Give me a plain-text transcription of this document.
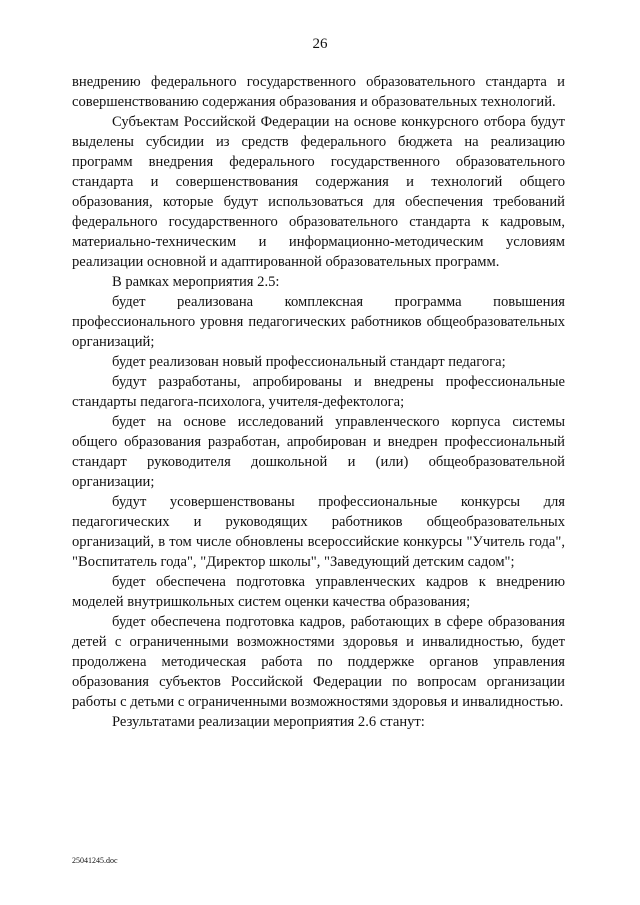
26

внедрению федерального государственного образовательного стандарта и совершенствованию содержания образования и образовательных технологий.

Субъектам Российской Федерации на основе конкурсного отбора будут выделены субсидии из средств федерального бюджета на реализацию программ внедрения федерального государственного образовательного стандарта и совершенствования содержания и технологий общего образования, которые будут использоваться для обеспечения требований федерального государственного образовательного стандарта к кадровым, материально-техническим и информационно-методическим условиям реализации основной и адаптированной образовательных программ.

В рамках мероприятия 2.5:

будет реализована комплексная программа повышения профессионального уровня педагогических работников общеобразовательных организаций;

будет реализован новый профессиональный стандарт педагога;

будут разработаны, апробированы и внедрены профессиональные стандарты педагога-психолога, учителя-дефектолога;

будет на основе исследований управленческого корпуса системы общего образования разработан, апробирован и внедрен профессиональный стандарт руководителя дошкольной и (или) общеобразовательной организации;

будут усовершенствованы профессиональные конкурсы для педагогических и руководящих работников общеобразовательных организаций, в том числе обновлены всероссийские конкурсы "Учитель года", "Воспитатель года", "Директор школы", "Заведующий детским садом";

будет обеспечена подготовка управленческих кадров к внедрению моделей внутришкольных систем оценки качества образования;

будет обеспечена подготовка кадров, работающих в сфере образования детей с ограниченными возможностями здоровья и инвалидностью, будет продолжена методическая работа по поддержке органов управления образования субъектов Российской Федерации по вопросам организации работы с детьми с ограниченными возможностями здоровья и инвалидностью.

Результатами реализации мероприятия 2.6 станут:

25041245.doc
